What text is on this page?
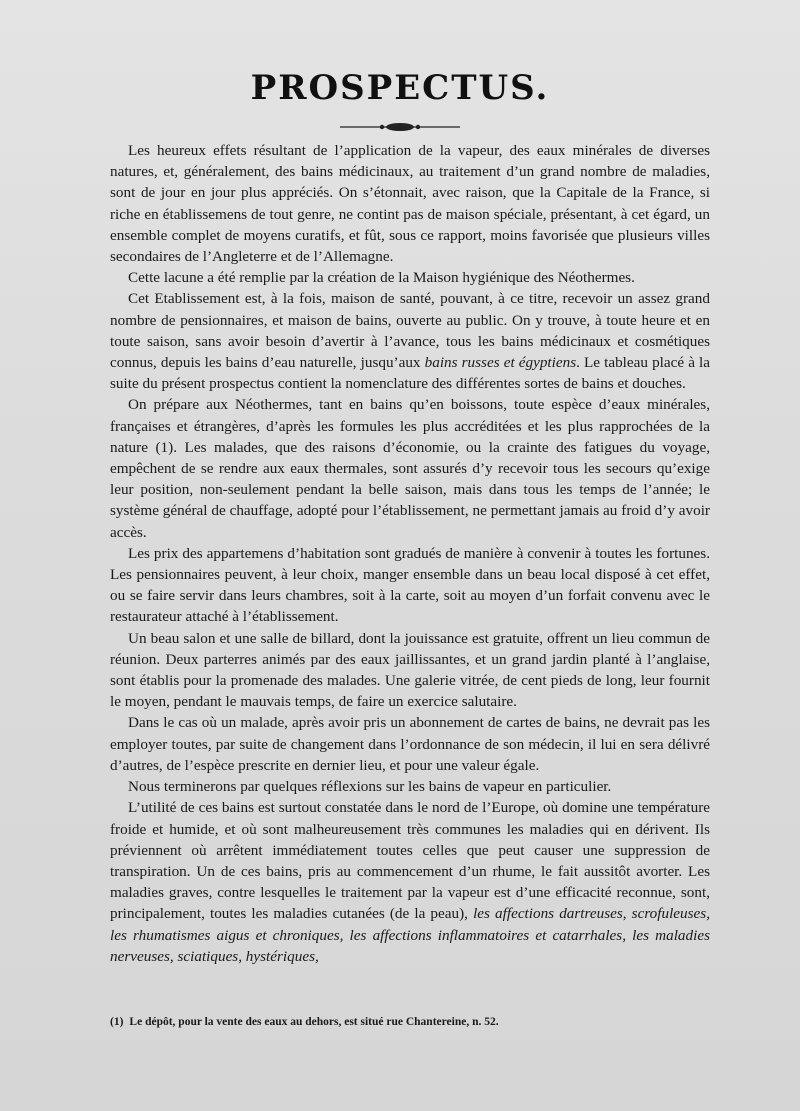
PROSPECTUS.

Les heureux effets résultant de l’application de la vapeur, des eaux minérales de diverses natures, et, généralement, des bains médicinaux, au traitement d’un grand nombre de maladies, sont de jour en jour plus appréciés. On s’étonnait, avec raison, que la Capitale de la France, si riche en établissemens de tout genre, ne contint pas de maison spéciale, présentant, à cet égard, un ensemble complet de moyens curatifs, et fût, sous ce rapport, moins favorisée que plusieurs villes secondaires de l’Angleterre et de l’Allemagne.

Cette lacune a été remplie par la création de la Maison hygiénique des Néothermes.

Cet Etablissement est, à la fois, maison de santé, pouvant, à ce titre, recevoir un assez grand nombre de pensionnaires, et maison de bains, ouverte au public. On y trouve, à toute heure et en toute saison, sans avoir besoin d’avertir à l’avance, tous les bains médicinaux et cosmétiques connus, depuis les bains d’eau naturelle, jusqu’aux bains russes et égyptiens. Le tableau placé à la suite du présent prospectus contient la nomenclature des différentes sortes de bains et douches.

On prépare aux Néothermes, tant en bains qu’en boissons, toute espèce d’eaux minérales, françaises et étrangères, d’après les formules les plus accréditées et les plus rapprochées de la nature (1). Les malades, que des raisons d’économie, ou la crainte des fatigues du voyage, empêchent de se rendre aux eaux thermales, sont assurés d’y recevoir tous les secours qu’exige leur position, non-seulement pendant la belle saison, mais dans tous les temps de l’année; le système général de chauffage, adopté pour l’établissement, ne permettant jamais au froid d’y avoir accès.

Les prix des appartemens d’habitation sont gradués de manière à convenir à toutes les fortunes. Les pensionnaires peuvent, à leur choix, manger ensemble dans un beau local disposé à cet effet, ou se faire servir dans leurs chambres, soit à la carte, soit au moyen d’un forfait convenu avec le restaurateur attaché à l’établissement.

Un beau salon et une salle de billard, dont la jouissance est gratuite, offrent un lieu commun de réunion. Deux parterres animés par des eaux jaillissantes, et un grand jardin planté à l’anglaise, sont établis pour la promenade des malades. Une galerie vitrée, de cent pieds de long, leur fournit le moyen, pendant le mauvais temps, de faire un exercice salutaire.

Dans le cas où un malade, après avoir pris un abonnement de cartes de bains, ne devrait pas les employer toutes, par suite de changement dans l’ordonnance de son médecin, il lui en sera délivré d’autres, de l’espèce prescrite en dernier lieu, et pour une valeur égale.

Nous terminerons par quelques réflexions sur les bains de vapeur en particulier.

L’utilité de ces bains est surtout constatée dans le nord de l’Europe, où domine une température froide et humide, et où sont malheureusement très communes les maladies qui en dérivent. Ils préviennent où arrêtent immédiatement toutes celles que peut causer une suppression de transpiration. Un de ces bains, pris au commencement d’un rhume, le fait aussitôt avorter. Les maladies graves, contre lesquelles le traitement par la vapeur est d’une efficacité reconnue, sont, principalement, toutes les maladies cutanées (de la peau), les affections dartreuses, scrofuleuses, les rhumatismes aigus et chroniques, les affections inflammatoires et catarrhales, les maladies nerveuses, sciatiques, hystériques,

(1) Le dépôt, pour la vente des eaux au dehors, est situé rue Chantereine, n. 52.
